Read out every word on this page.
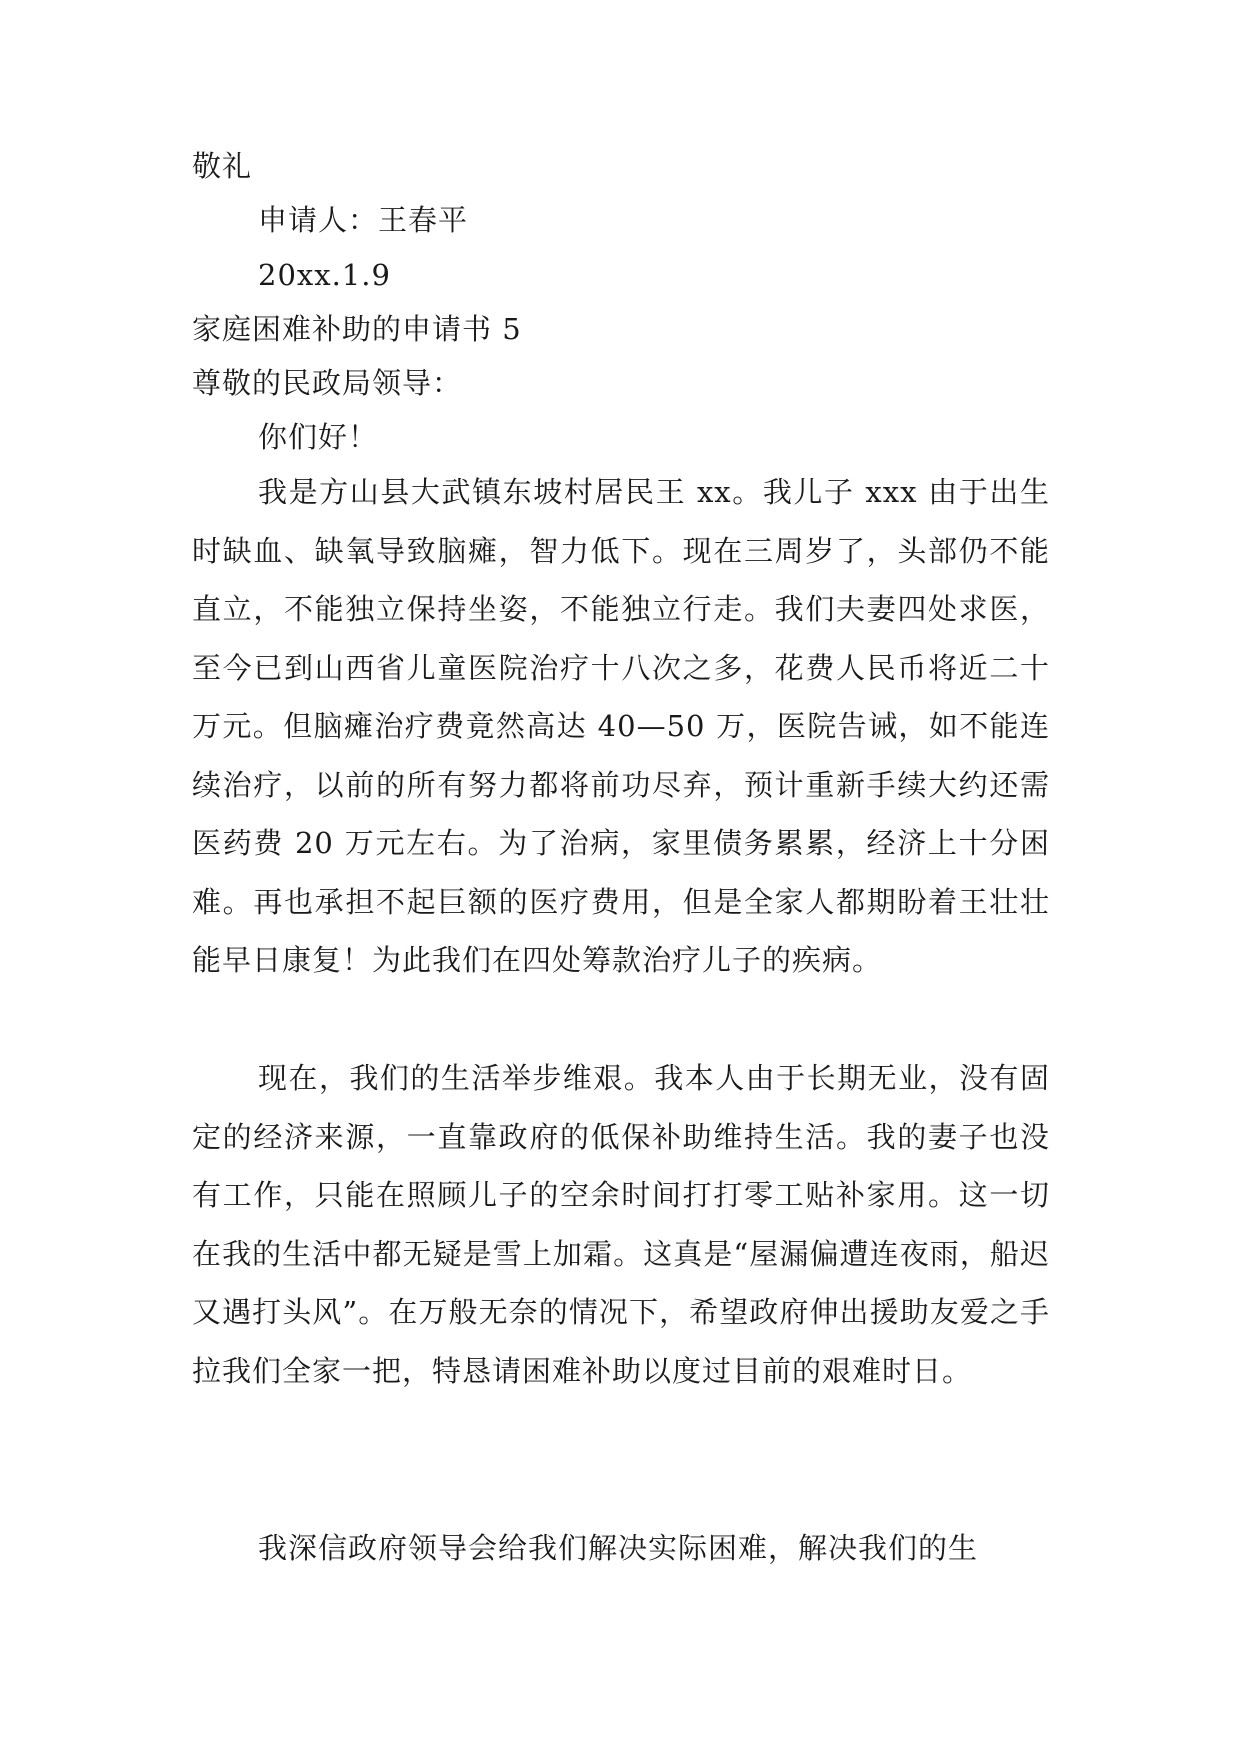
敬礼
申请人：王春平
20xx.1.9
家庭困难补助的申请书 5
尊敬的民政局领导：
你们好！

我是方山县大武镇东坡村居民王 xx。我儿子 xxx 由于出生时缺血、缺氧导致脑瘫，智力低下。现在三周岁了，头部仍不能直立，不能独立保持坐姿，不能独立行走。我们夫妻四处求医，至今已到山西省儿童医院治疗十八次之多，花费人民币将近二十万元。但脑瘫治疗费竟然高达 40—50 万，医院告诫，如不能连续治疗，以前的所有努力都将前功尽弃，预计重新手续大约还需医药费 20 万元左右。为了治病，家里债务累累，经济上十分困难。再也承担不起巨额的医疗费用，但是全家人都期盼着王壮壮能早日康复！为此我们在四处筹款治疗儿子的疾病。

现在，我们的生活举步维艰。我本人由于长期无业，没有固定的经济来源，一直靠政府的低保补助维持生活。我的妻子也没有工作，只能在照顾儿子的空余时间打打零工贴补家用。这一切在我的生活中都无疑是雪上加霜。这真是“屋漏偏遭连夜雨，船迟又遇打头风”。在万般无奈的情况下，希望政府伸出援助友爱之手拉我们全家一把，特恳请困难补助以度过目前的艰难时日。

我深信政府领导会给我们解决实际困难，解决我们的生
